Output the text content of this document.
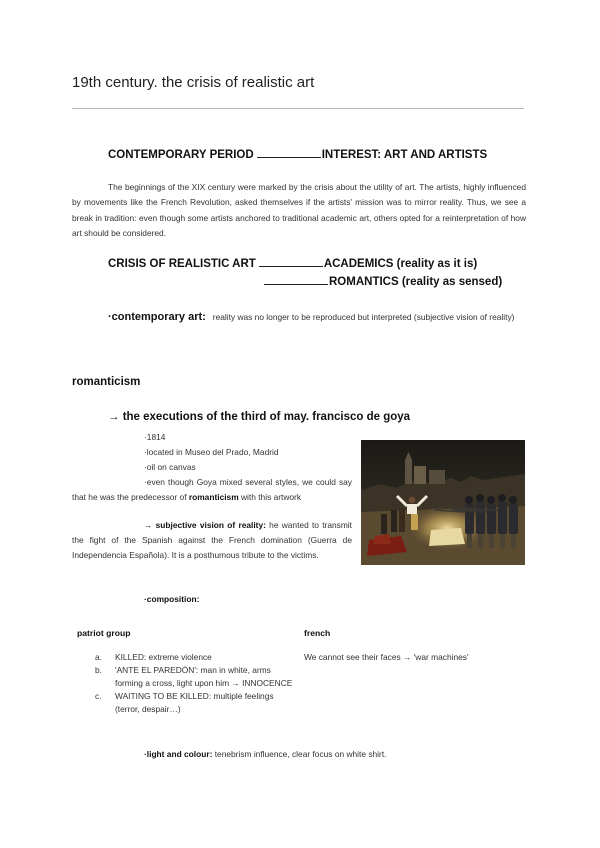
19th century. the crisis of realistic art
CONTEMPORARY PERIOD	INTEREST: ART AND ARTISTS
The beginnings of the XIX century were marked by the crisis about the utility of art. The artists, highly influenced by movements like the French Revolution, asked themselves if the artists' mission was to mirror reality. Thus, we see a break in tradition: even though some artists anchored to traditional academic art, others opted for a reinterpretation of how art should be considered.
CRISIS OF REALISTIC ART	ACADEMICS (reality as it is)
ROMANTICS (reality as sensed)
·contemporary art: reality was no longer to be reproduced but interpreted (subjective vision of reality)
romanticism
→ the executions of the third of may. francisco de goya
·1814
·located in Museo del Prado, Madrid
·oil on canvas
·even though Goya mixed several styles, we could say that he was the predecessor of romanticism with this artwork
→ subjective vision of reality: he wanted to transmit the fight of the Spanish against the French domination (Guerra de Independencia Española). It is a posthumous tribute to the victims.
·composition:
patriot group	french
a. KILLED: extreme violence
b. 'ANTE EL PAREDÓN': man in white, arms forming a cross, light upon him → INNOCENCE
c. WAITING TO BE KILLED: multiple feelings (terror, despair…)
We cannot see their faces → 'war machines'
·light and colour: tenebrism influence, clear focus on white shirt.
